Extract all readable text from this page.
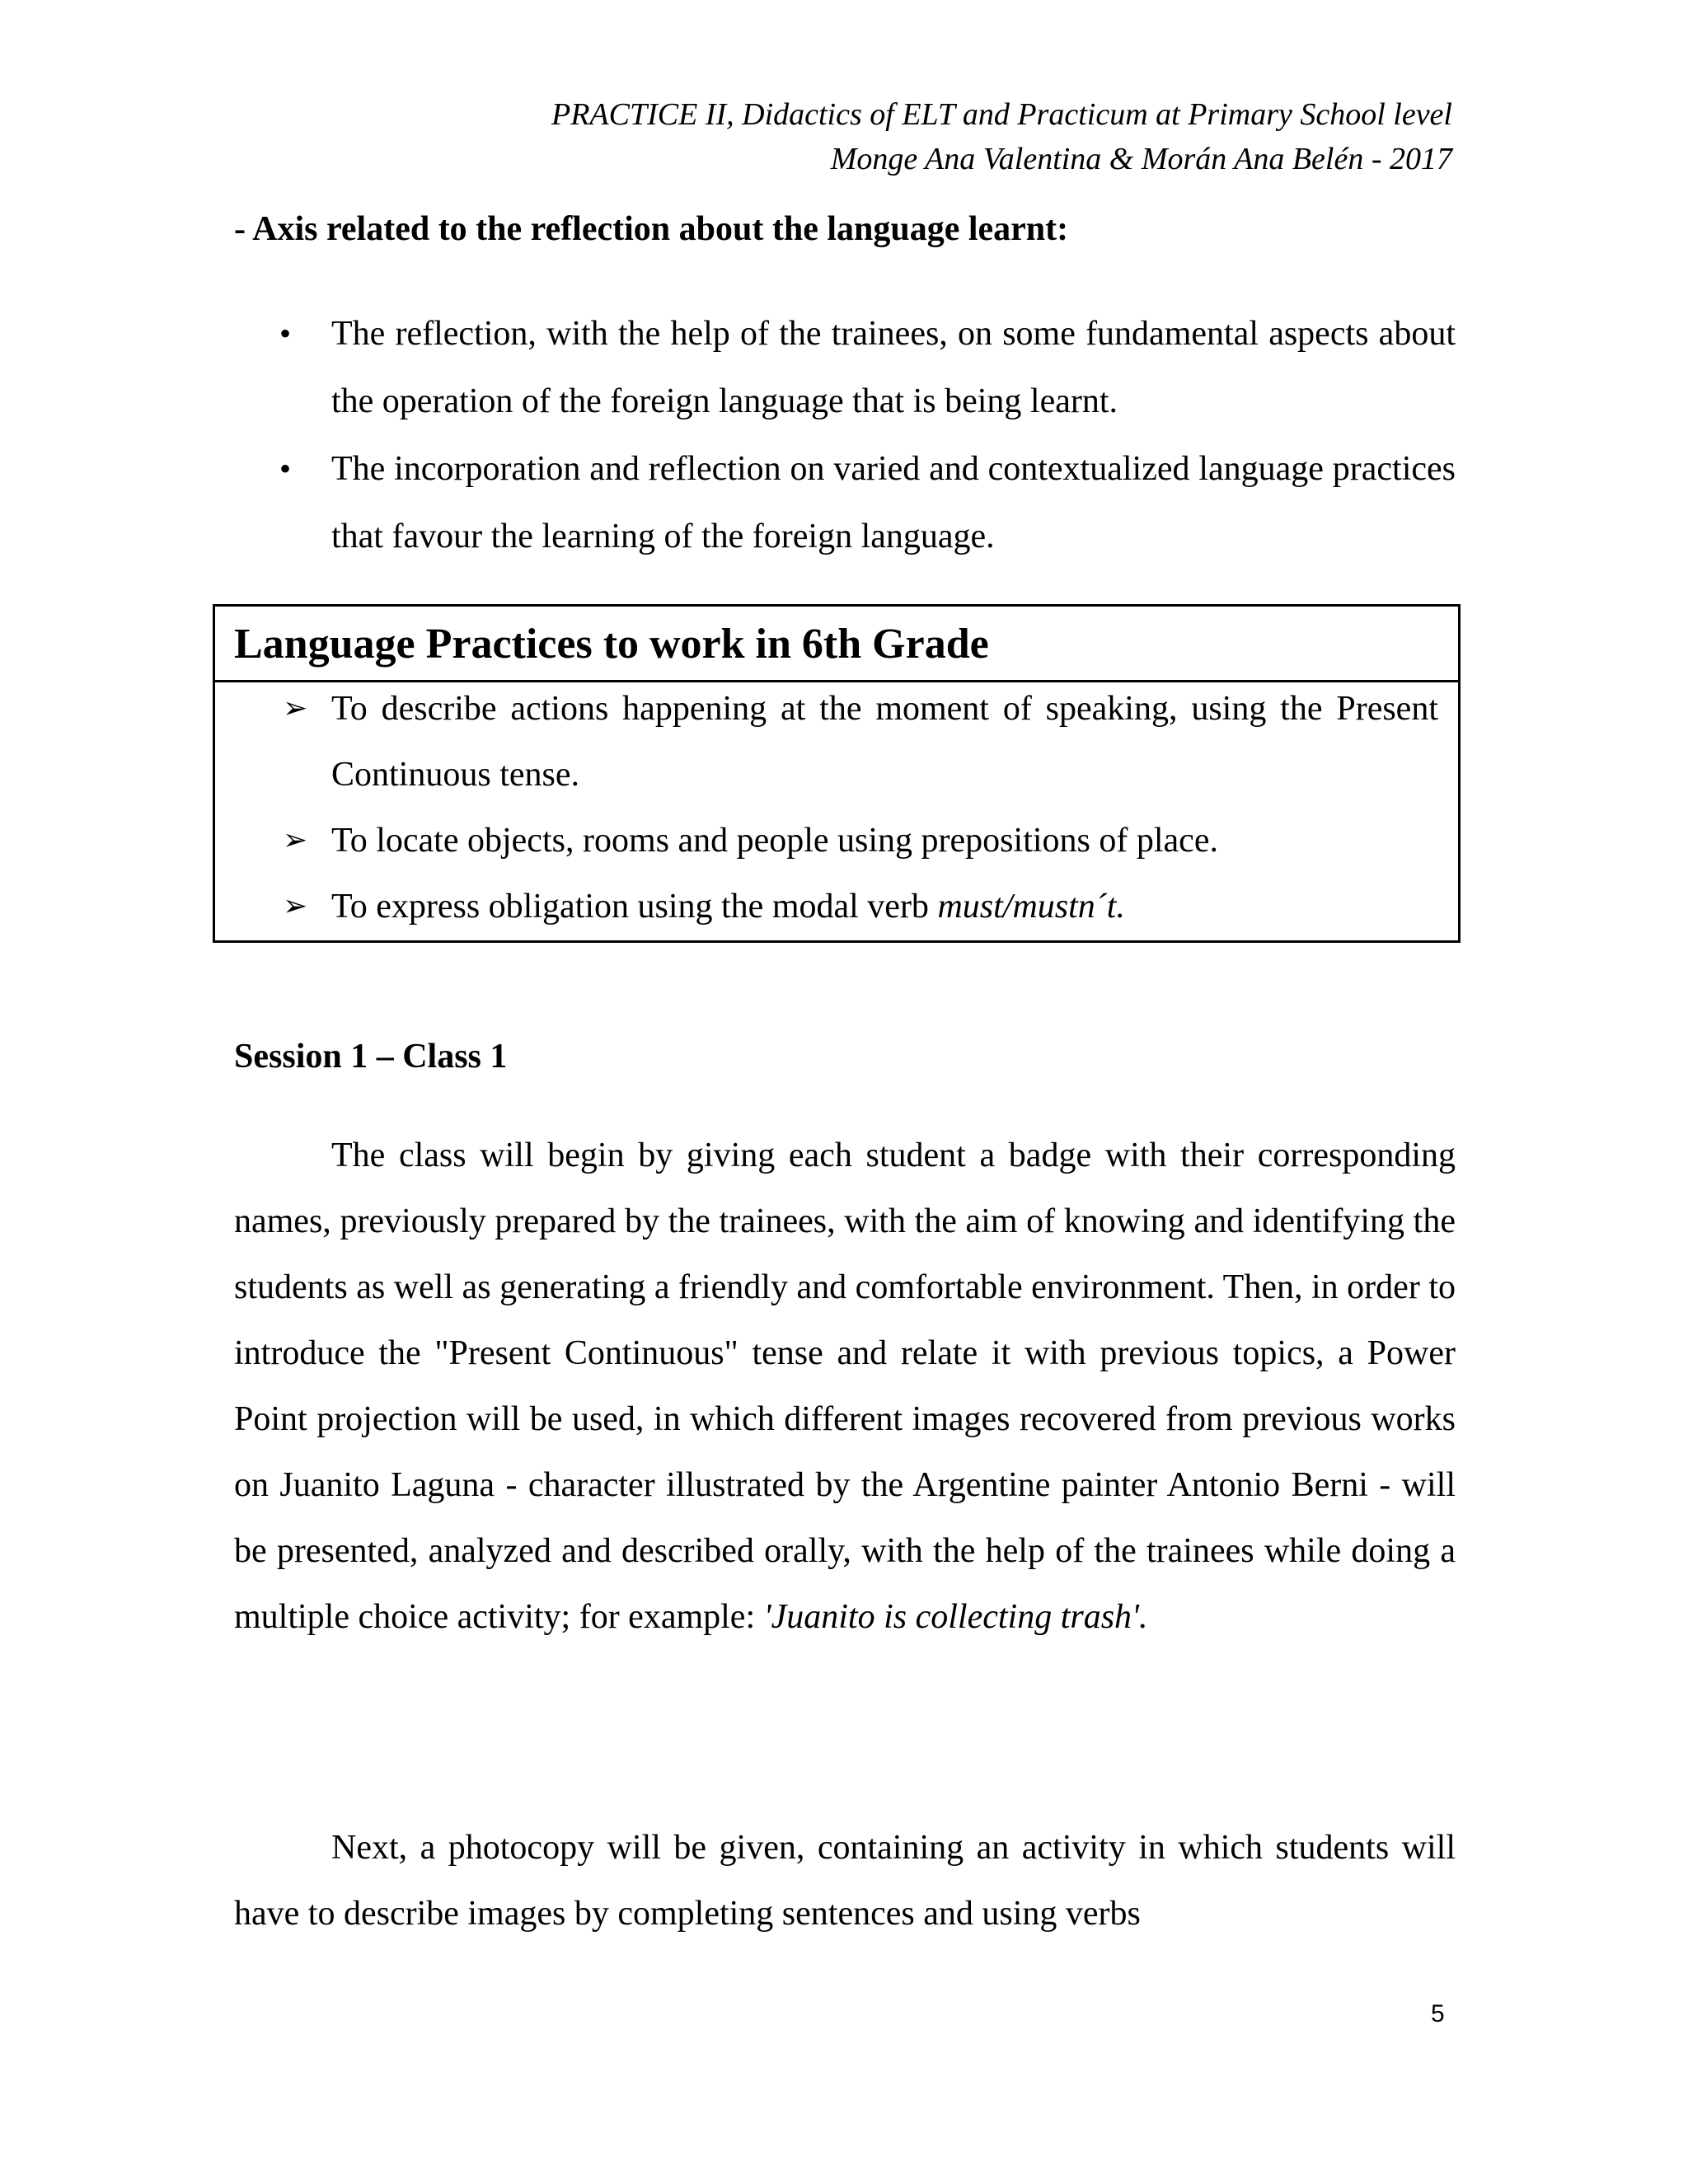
PRACTICE II, Didactics of ELT and Practicum at Primary School level
Monge Ana Valentina & Morán Ana Belén - 2017
- Axis related to the reflection about the language learnt:
• The reflection, with the help of the trainees, on some fundamental aspects about the operation of the foreign language that is being learnt.
• The incorporation and reflection on varied and contextualized language practices that favour the learning of the foreign language.
Language Practices to work in 6th Grade
➢ To describe actions happening at the moment of speaking, using the Present Continuous tense.
➢ To locate objects, rooms and people using prepositions of place.
➢ To express obligation using the modal verb must/mustn´t.
Session 1 – Class 1

The class will begin by giving each student a badge with their corresponding names, previously prepared by the trainees, with the aim of knowing and identifying the students as well as generating a friendly and comfortable environment. Then, in order to introduce the "Present Continuous" tense and relate it with previous topics, a Power Point projection will be used, in which different images recovered from previous works on Juanito Laguna - character illustrated by the Argentine painter Antonio Berni - will be presented, analyzed and described orally, with the help of the trainees while doing a multiple choice activity; for example: 'Juanito is collecting trash'.

Next, a photocopy will be given, containing an activity in which students will have to describe images by completing sentences and using verbs

5
